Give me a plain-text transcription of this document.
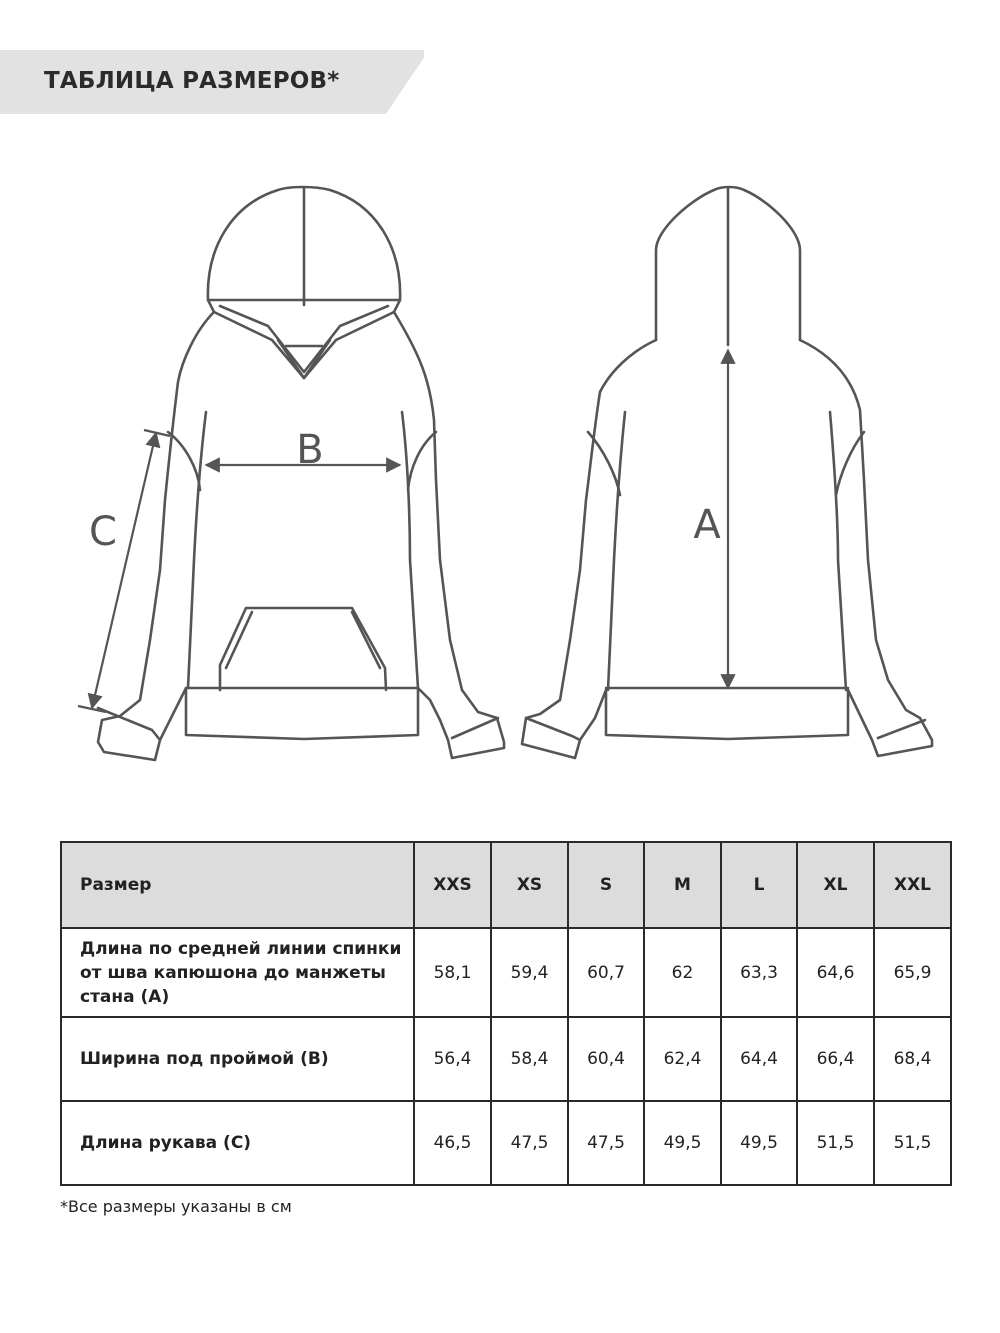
ТАБЛИЦА РАЗМЕРОВ*
B
C	A
Размер	XXS	XS	S	M	L	XL	XXL
Длина по средней линии спинки от шва капюшона до манжеты стана (A)	58,1	59,4	60,7	62	63,3	64,6	65,9
Ширина под проймой (B)	56,4	58,4	60,4	62,4	64,4	66,4	68,4
Длина рукава (C)	46,5	47,5	47,5	49,5	49,5	51,5	51,5
*Все размеры указаны в см
